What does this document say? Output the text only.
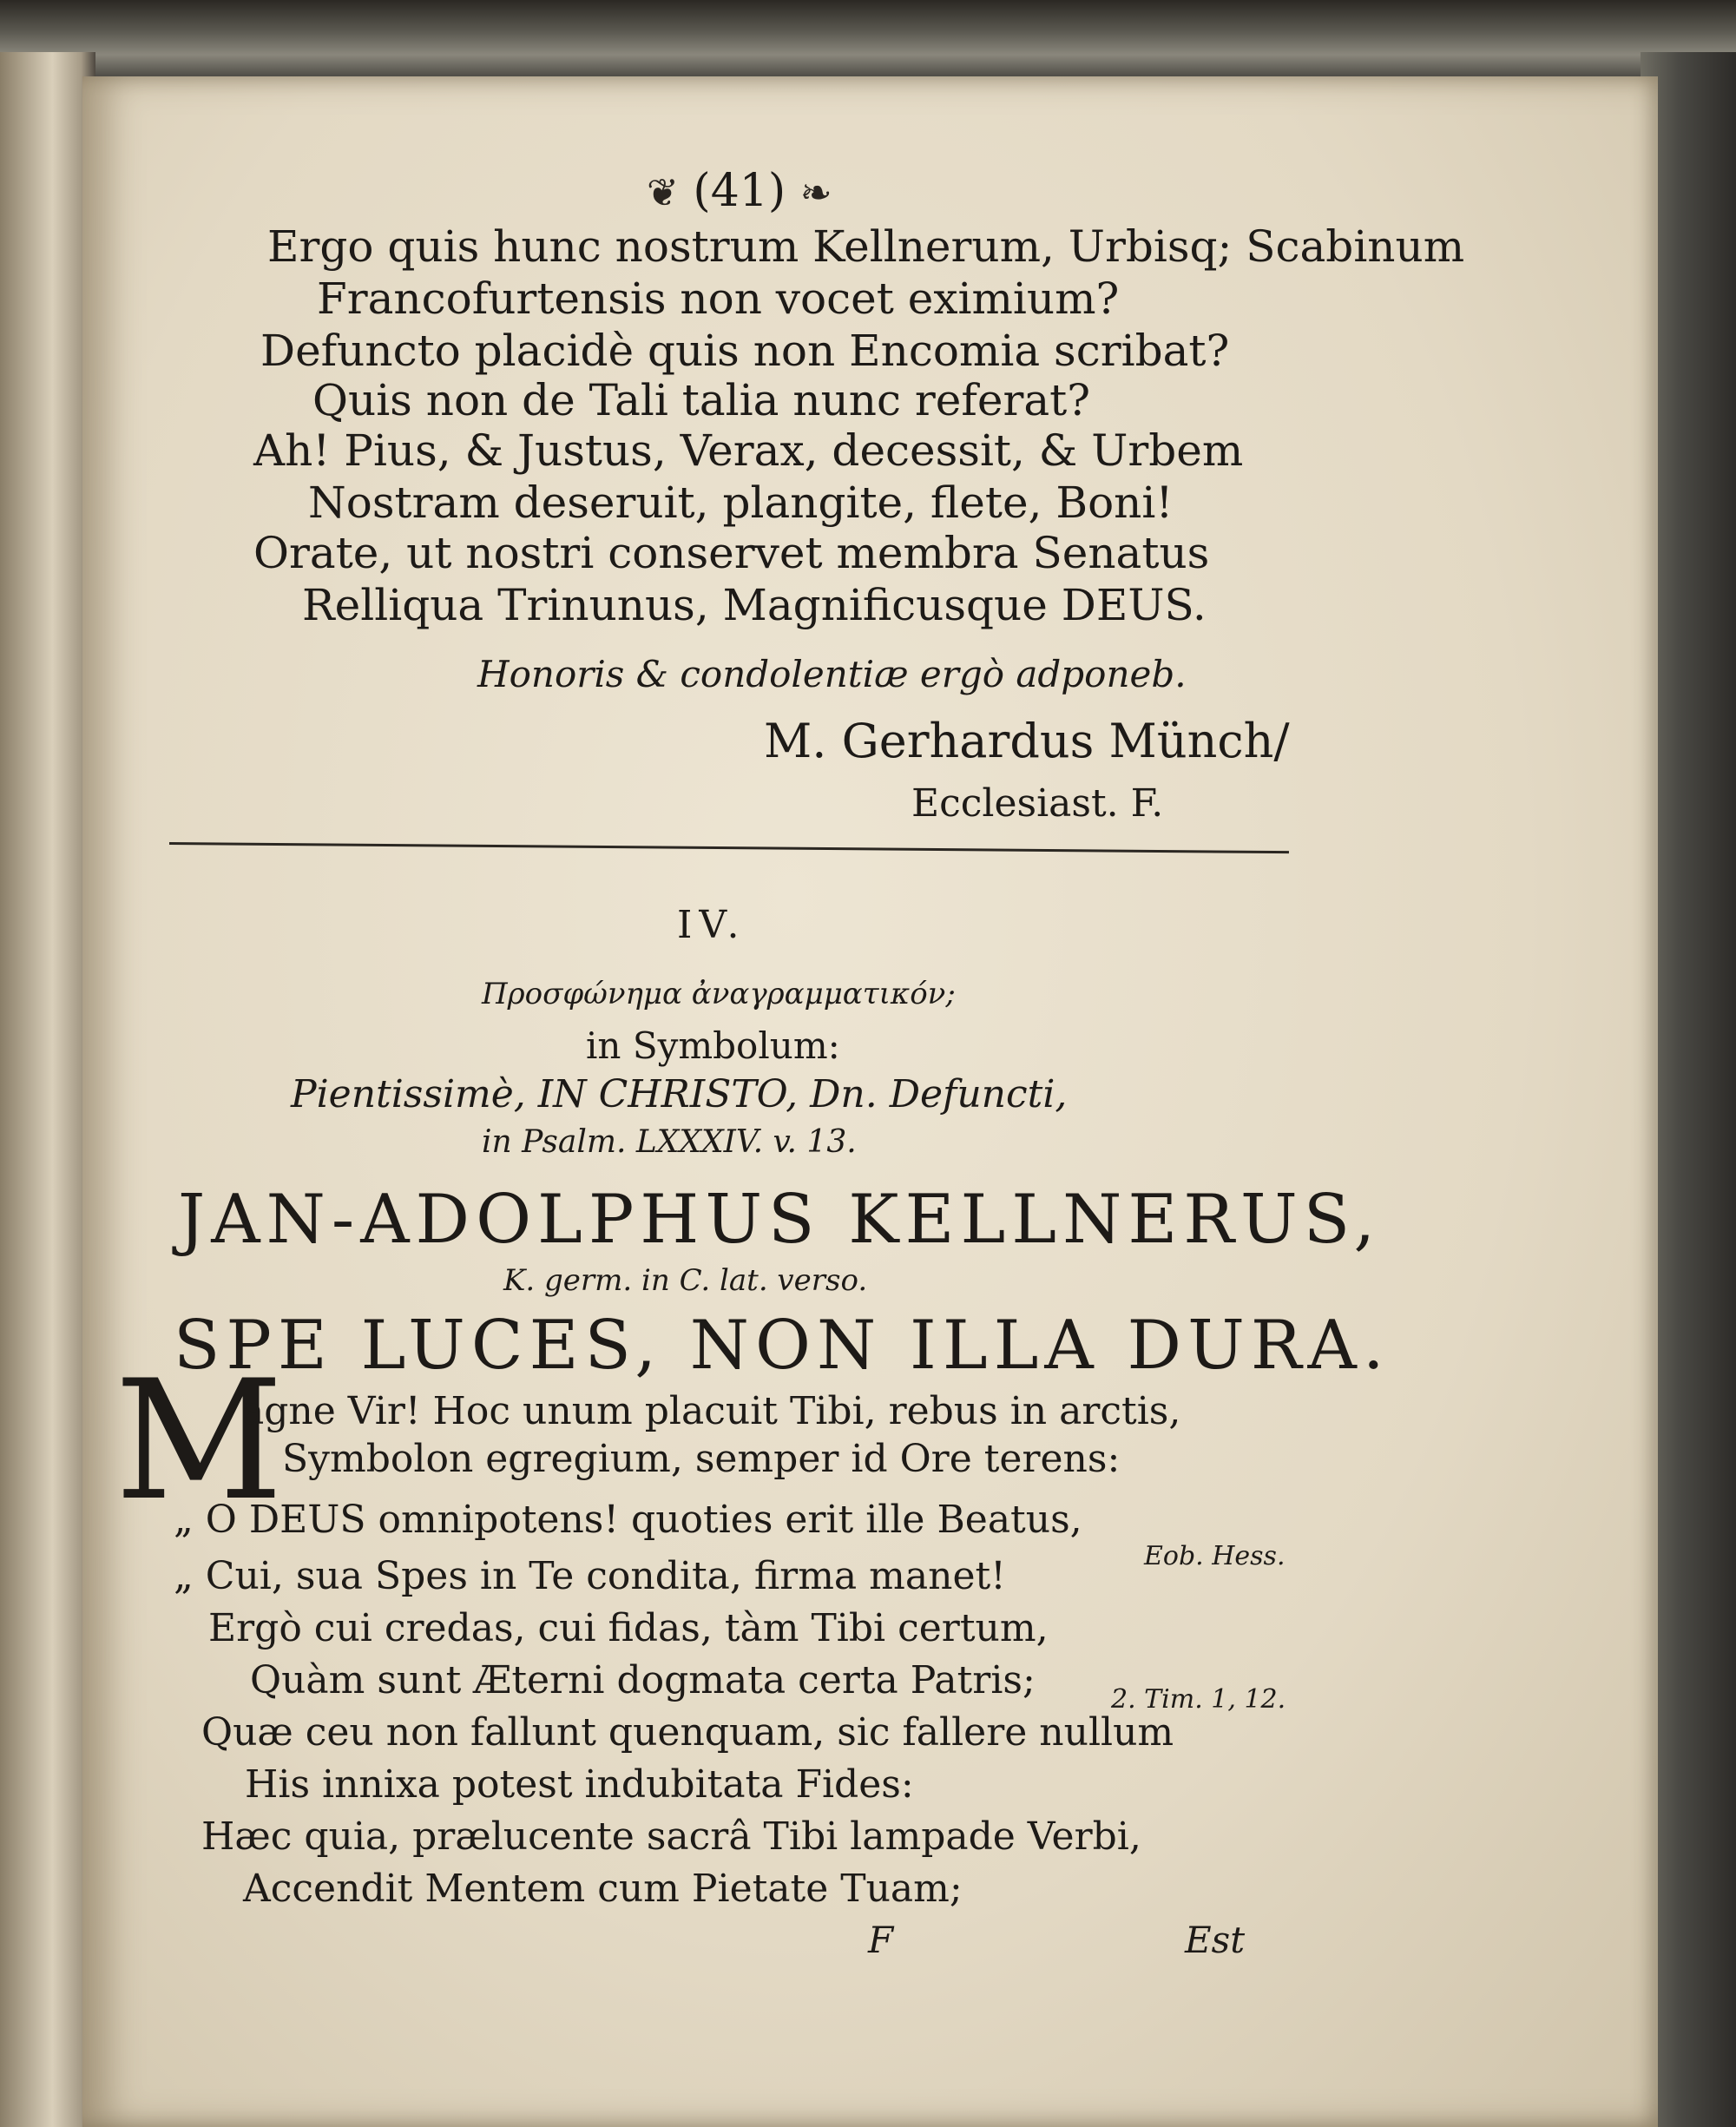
❦ (41) ❧
Ergo quis hunc nostrum Kellnerum, Urbisq; Scabinum
Francofurtensis non vocet eximium?
Defuncto placidè quis non Encomia scribat?
Quis non de Tali talia nunc referat?
Ah! Pius, & Justus, Verax, decessit, & Urbem
Nostram deseruit, plangite, flete, Boni!
Orate, ut nostri conservet membra Senatus
Relliqua Trinunus, Magnificusque DEUS.
Honoris & condolentiæ ergò adponeb.
M. Gerhardus Münch/
Ecclesiast. F.
IV.
Προσφώνημα ἀναγραμματικόν;
in Symbolum:
Pientissimè, IN CHRISTO, Dn. Defuncti,
in Psalm. LXXXIV. v. 13.
JAN-ADOLPHUS KELLNERUS,
K. germ. in C. lat. verso.
SPE LUCES, NON ILLA DURA.
M
agne Vir! Hoc unum placuit Tibi, rebus in arctis,
Symbolon egregium, semper id Ore terens:
„ O DEUS omnipotens! quoties erit ille Beatus,
„ Cui, sua Spes in Te condita, firma manet!
Ergò cui credas, cui fidas, tàm Tibi certum,
Quàm sunt Æterni dogmata certa Patris;
Quæ ceu non fallunt quenquam, sic fallere nullum
His innixa potest indubitata Fides:
Hæc quia, prælucente sacrâ Tibi lampade Verbi,
Accendit Mentem cum Pietate Tuam;
Eob. Hess.
2. Tim. 1, 12.
F	Est
